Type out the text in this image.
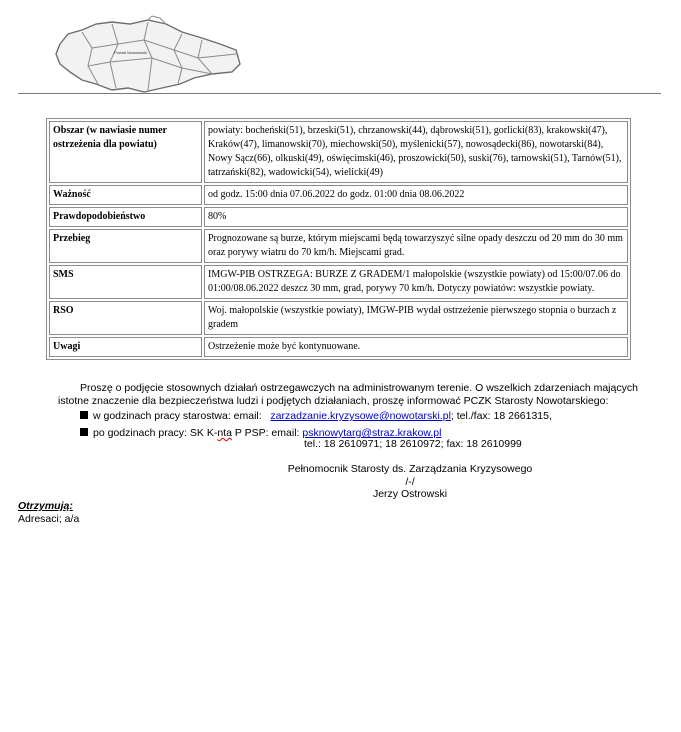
Powiat Nowotarski
Obszar (w nawiasie numer ostrzeżenia dla powiatu)	powiaty: bocheński(51), brzeski(51), chrzanowski(44), dąbrowski(51), gorlicki(83), krakowski(47), Kraków(47), limanowski(70), miechowski(50), myślenicki(57), nowosądecki(86), nowotarski(84), Nowy Sącz(66), olkuski(49), oświęcimski(46), proszowicki(50), suski(76), tarnowski(51), Tarnów(51), tatrzański(82), wadowicki(54), wielicki(49)
Ważność	od godz. 15:00 dnia 07.06.2022 do godz. 01:00 dnia 08.06.2022
Prawdopodobieństwo	80%
Przebieg	Prognozowane są burze, którym miejscami będą towarzyszyć silne opady deszczu od 20 mm do 30 mm oraz porywy wiatru do 70 km/h. Miejscami grad.
SMS	IMGW-PIB OSTRZEGA: BURZE Z GRADEM/1 małopolskie (wszystkie powiaty) od 15:00/07.06 do 01:00/08.06.2022 deszcz 30 mm, grad, porywy 70 km/h. Dotyczy powiatów: wszystkie powiaty.
RSO	Woj. małopolskie (wszystkie powiaty), IMGW-PIB wydał ostrzeżenie pierwszego stopnia o burzach z gradem
Uwagi	Ostrzeżenie może być kontynuowane.
Proszę o podjęcie stosownych działań ostrzegawczych na administrowanym terenie. O wszelkich zdarzeniach mających
istotne znaczenie dla bezpieczeństwa ludzi i podjętych działaniach, proszę informować PCZK Starosty Nowotarskiego:
w godzinach pracy starostwa: email: zarzadzanie.kryzysowe@nowotarski.pl; tel./fax: 18 2661315,
po godzinach pracy: SK K-nta P PSP: email: psknowytarg@straz.krakow.pl
tel.: 18 2610971; 18 2610972; fax: 18 2610999
Pełnomocnik Starosty ds. Zarządzania Kryzysowego
/-/
Jerzy Ostrowski
Otrzymują:
Adresaci; a/a
